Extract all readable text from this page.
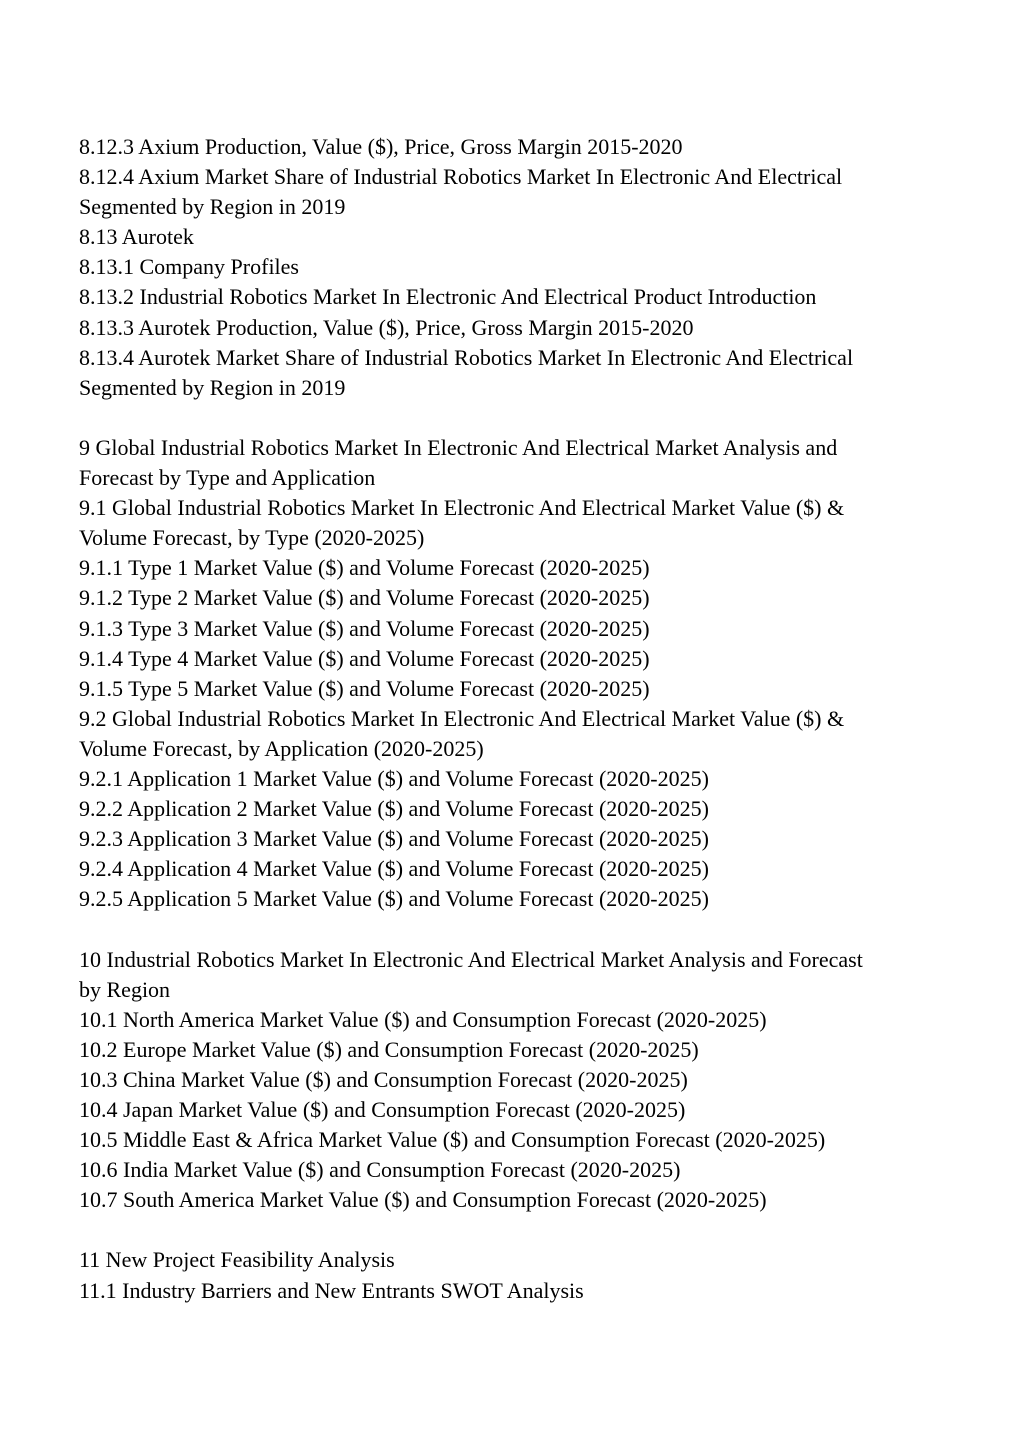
8.12.3 Axium Production, Value ($), Price, Gross Margin 2015-2020
8.12.4 Axium Market Share of Industrial Robotics Market In Electronic And Electrical
Segmented by Region in 2019
8.13 Aurotek
8.13.1 Company Profiles
8.13.2 Industrial Robotics Market In Electronic And Electrical Product Introduction
8.13.3 Aurotek Production, Value ($), Price, Gross Margin 2015-2020
8.13.4 Aurotek Market Share of Industrial Robotics Market In Electronic And Electrical
Segmented by Region in 2019
9 Global Industrial Robotics Market In Electronic And Electrical Market Analysis and
Forecast by Type and Application
9.1 Global Industrial Robotics Market In Electronic And Electrical Market Value ($) &
Volume Forecast, by Type (2020-2025)
9.1.1 Type 1 Market Value ($) and Volume Forecast (2020-2025)
9.1.2 Type 2 Market Value ($) and Volume Forecast (2020-2025)
9.1.3 Type 3 Market Value ($) and Volume Forecast (2020-2025)
9.1.4 Type 4 Market Value ($) and Volume Forecast (2020-2025)
9.1.5 Type 5 Market Value ($) and Volume Forecast (2020-2025)
9.2 Global Industrial Robotics Market In Electronic And Electrical Market Value ($) &
Volume Forecast, by Application (2020-2025)
9.2.1 Application 1 Market Value ($) and Volume Forecast (2020-2025)
9.2.2 Application 2 Market Value ($) and Volume Forecast (2020-2025)
9.2.3 Application 3 Market Value ($) and Volume Forecast (2020-2025)
9.2.4 Application 4 Market Value ($) and Volume Forecast (2020-2025)
9.2.5 Application 5 Market Value ($) and Volume Forecast (2020-2025)
10 Industrial Robotics Market In Electronic And Electrical Market Analysis and Forecast
by Region
10.1 North America Market Value ($) and Consumption Forecast (2020-2025)
10.2 Europe Market Value ($) and Consumption Forecast (2020-2025)
10.3 China Market Value ($) and Consumption Forecast (2020-2025)
10.4 Japan Market Value ($) and Consumption Forecast (2020-2025)
10.5 Middle East & Africa Market Value ($) and Consumption Forecast (2020-2025)
10.6 India Market Value ($) and Consumption Forecast (2020-2025)
10.7 South America Market Value ($) and Consumption Forecast (2020-2025)
11 New Project Feasibility Analysis
11.1 Industry Barriers and New Entrants SWOT Analysis
